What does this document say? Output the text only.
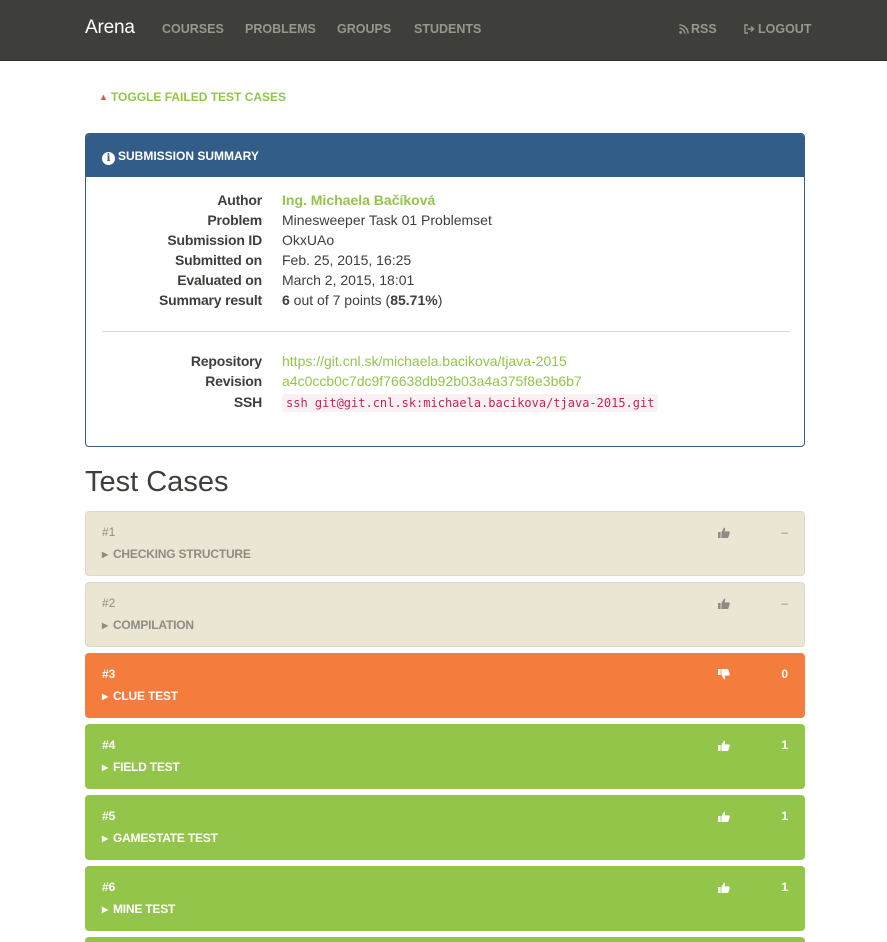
Arena COURSES PROBLEMS GROUPS STUDENTS	RSS	LOGOUT
▲ TOGGLE FAILED TEST CASES
i SUBMISSION SUMMARY
Author Ing. Michaela Bačíková
Problem Minesweeper Task 01 Problemset
Submission ID OkxUAo
Submitted on Feb. 25, 2015, 16:25
Evaluated on March 2, 2015, 18:01
Summary result 6 out of 7 points (85.71%)
Repository https://git.cnl.sk/michaela.bacikova/tjava-2015
Revision a4c0ccb0c7dc9f76638db92b03a4a375f8e3b6b7
SSH	ssh git@git.cnl.sk:michaela.bacikova/tjava-2015.git
Test Cases
#1
▶ CHECKING STRUCTURE
–
#2
▶ COMPILATION
–
#3
▶ CLUE TEST
0
#4
▶ FIELD TEST
1
#5
▶ GAMESTATE TEST
1
#6
▶ MINE TEST
1
